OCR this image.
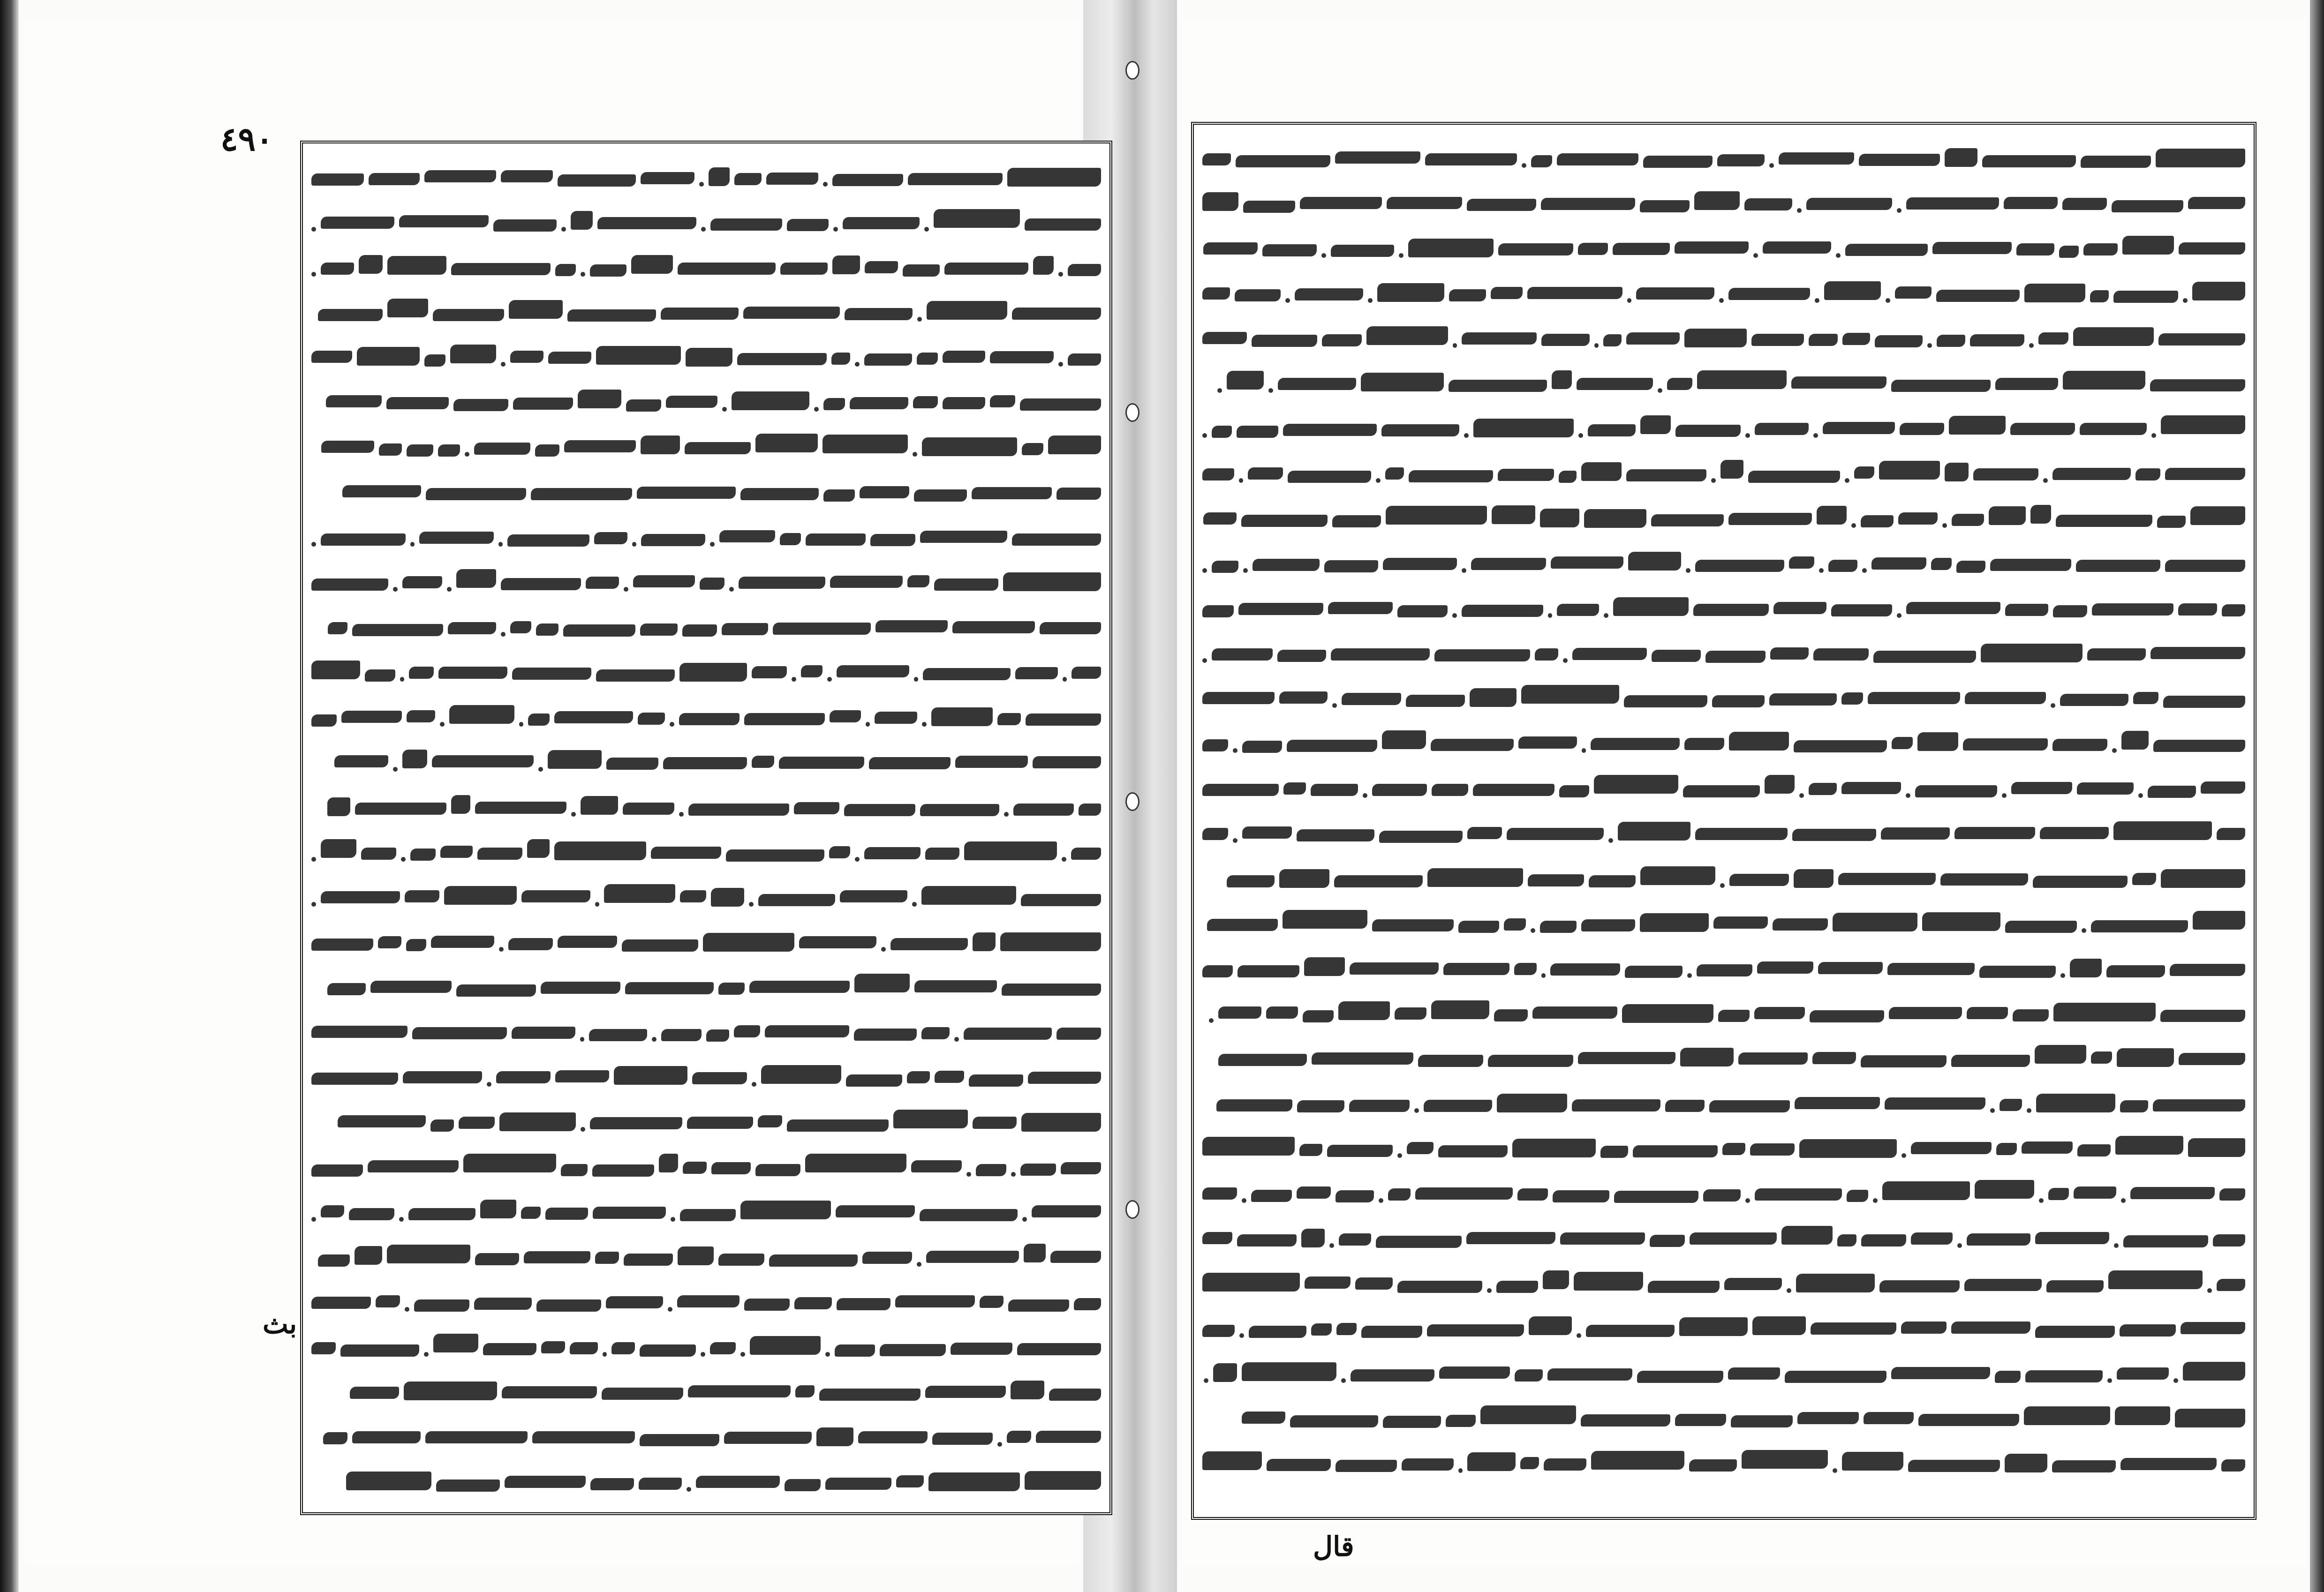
٤٩٠
بث
قال
